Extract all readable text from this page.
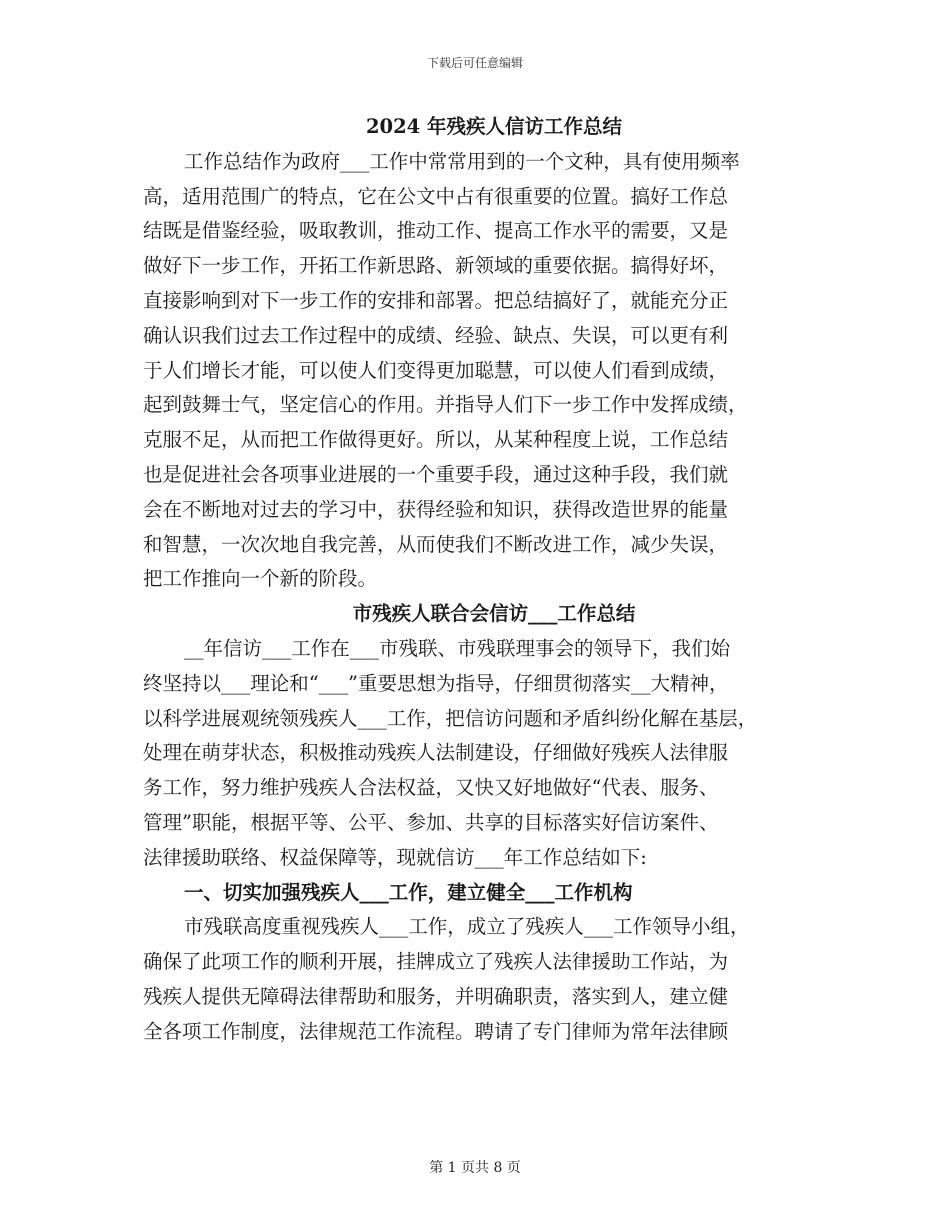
下载后可任意编辑
2024 年残疾人信访工作总结
工作总结作为政府___工作中常常用到的一个文种，具有使用频率
高，适用范围广的特点，它在公文中占有很重要的位置。搞好工作总
结既是借鉴经验，吸取教训，推动工作、提高工作水平的需要，又是
做好下一步工作，开拓工作新思路、新领域的重要依据。搞得好坏，
直接影响到对下一步工作的安排和部署。把总结搞好了，就能充分正
确认识我们过去工作过程中的成绩、经验、缺点、失误，可以更有利
于人们增长才能，可以使人们变得更加聪慧，可以使人们看到成绩，
起到鼓舞士气，坚定信心的作用。并指导人们下一步工作中发挥成绩，
克服不足，从而把工作做得更好。所以，从某种程度上说，工作总结
也是促进社会各项事业进展的一个重要手段，通过这种手段，我们就
会在不断地对过去的学习中，获得经验和知识，获得改造世界的能量
和智慧，一次次地自我完善，从而使我们不断改进工作，减少失误，
把工作推向一个新的阶段。
市残疾人联合会信访___工作总结
__年信访___工作在___市残联、市残联理事会的领导下，我们始
终坚持以___理论和“___”重要思想为指导，仔细贯彻落实__大精神，
以科学进展观统领残疾人___工作，把信访问题和矛盾纠纷化解在基层，
处理在萌芽状态，积极推动残疾人法制建设，仔细做好残疾人法律服
务工作，努力维护残疾人合法权益，又快又好地做好“代表、服务、
管理”职能，根据平等、公平、参加、共享的目标落实好信访案件、
法律援助联络、权益保障等，现就信访___年工作总结如下:
一、切实加强残疾人___工作，建立健全___工作机构
市残联高度重视残疾人___工作，成立了残疾人___工作领导小组，
确保了此项工作的顺利开展，挂牌成立了残疾人法律援助工作站，为
残疾人提供无障碍法律帮助和服务，并明确职责，落实到人，建立健
全各项工作制度，法律规范工作流程。聘请了专门律师为常年法律顾
第 1 页共 8 页
